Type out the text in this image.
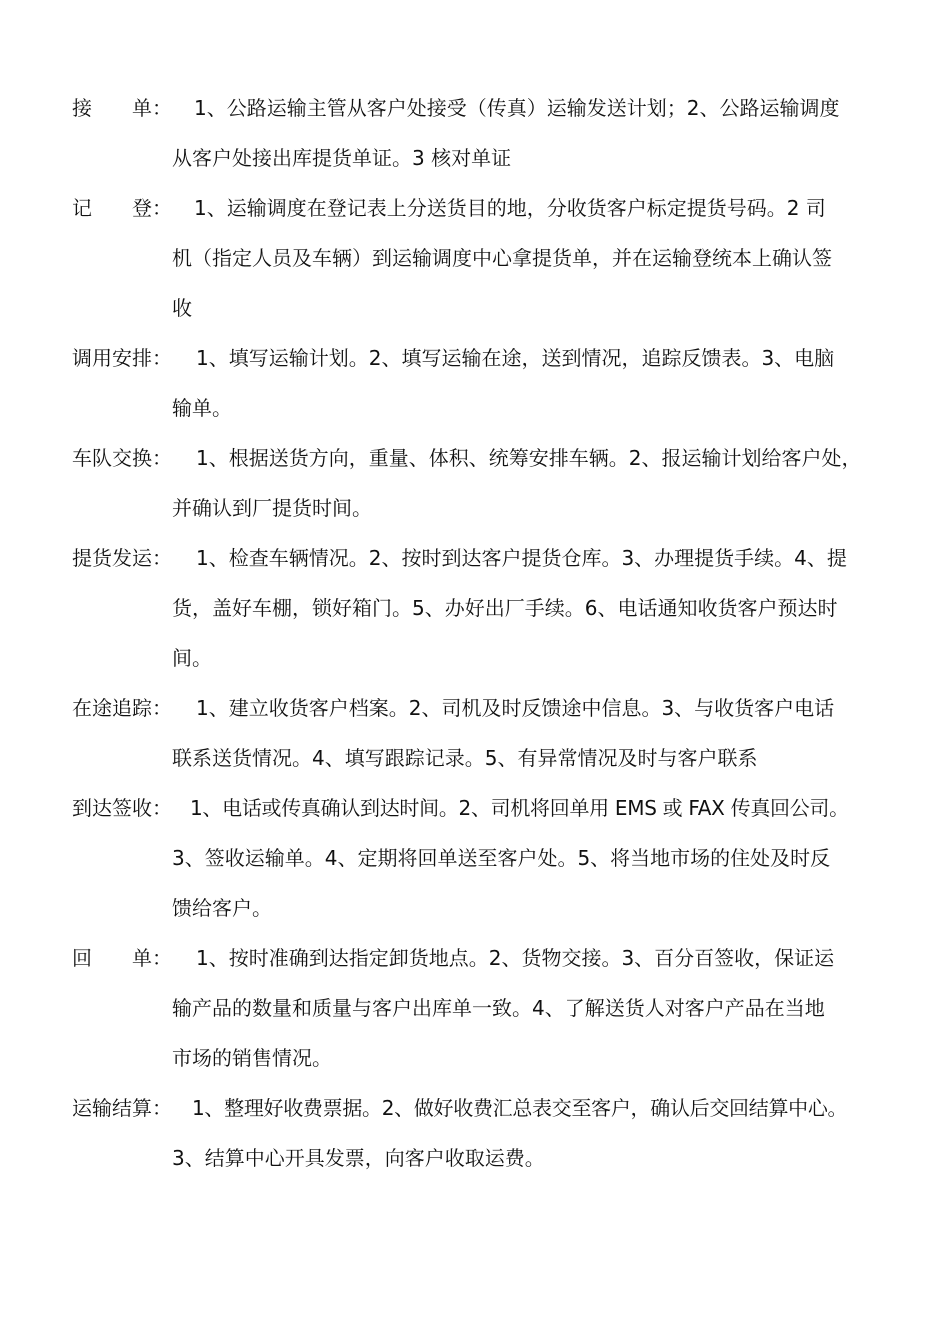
接　　单： 1、公路运输主管从客户处接受（传真）运输发送计划；2、公路运输调度
从客户处接出库提货单证。3 核对单证
记　　登： 1、运输调度在登记表上分送货目的地，分收货客户标定提货号码。2 司
机（指定人员及车辆）到运输调度中心拿提货单，并在运输登统本上确认签
收
调用安排： 1、填写运输计划。2、填写运输在途，送到情况，追踪反馈表。3、电脑
输单。
车队交换： 1、根据送货方向，重量、体积、统筹安排车辆。2、报运输计划给客户处，
并确认到厂提货时间。
提货发运： 1、检查车辆情况。2、按时到达客户提货仓库。3、办理提货手续。4、提
货，盖好车棚，锁好箱门。5、办好出厂手续。6、电话通知收货客户预达时
间。
在途追踪： 1、建立收货客户档案。2、司机及时反馈途中信息。3、与收货客户电话
联系送货情况。4、填写跟踪记录。5、有异常情况及时与客户联系
到达签收： 1、电话或传真确认到达时间。2、司机将回单用 EMS 或 FAX 传真回公司。
3、签收运输单。4、定期将回单送至客户处。5、将当地市场的住处及时反
馈给客户。
回　　单： 1、按时准确到达指定卸货地点。2、货物交接。3、百分百签收，保证运
输产品的数量和质量与客户出库单一致。4、了解送货人对客户产品在当地
市场的销售情况。
运输结算： 1、整理好收费票据。2、做好收费汇总表交至客户，确认后交回结算中心。
3、结算中心开具发票，向客户收取运费。
